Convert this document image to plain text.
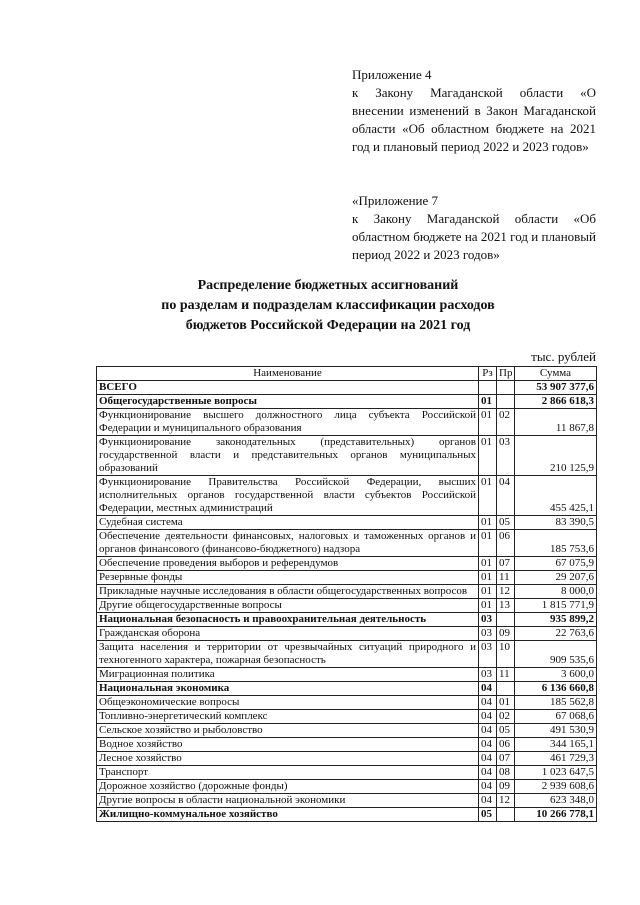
Приложение 4

к Закону Магаданской области «О внесении изменений в Закон Магаданской области «Об областном бюджете на 2021 год и плановый период 2022 и 2023 годов»

«Приложение 7

к Закону Магаданской области «Об областном бюджете на 2021 год и плановый период 2022 и 2023 годов»

Распределение бюджетных ассигнований

по разделам и подразделам классификации расходов

бюджетов Российской Федерации на 2021 год

тыс. рублей
Наименование	Рз	Пр	Сумма
ВСЕГО			53 907 377,6
Общегосударственные вопросы	01		2 866 618,3
Функционирование высшего должностного лица субъекта Российской Федерации и муниципального образования	01	02	11 867,8
Функционирование законодательных (представительных) органов государственной власти и представительных органов муниципальных образований	01	03	210 125,9
Функционирование Правительства Российской Федерации, высших исполнительных органов государственной власти субъектов Российской Федерации, местных администраций	01	04	455 425,1
Судебная система	01	05	83 390,5
Обеспечение деятельности финансовых, налоговых и таможенных органов и органов финансового (финансово-бюджетного) надзора	01	06	185 753,6
Обеспечение проведения выборов и референдумов	01	07	67 075,9
Резервные фонды	01	11	29 207,6
Прикладные научные исследования в области общегосударственных вопросов	01	12	8 000,0
Другие общегосударственные вопросы	01	13	1 815 771,9
Национальная безопасность и правоохранительная деятельность	03		935 899,2
Гражданская оборона	03	09	22 763,6
Защита населения и территории от чрезвычайных ситуаций природного и техногенного характера, пожарная безопасность	03	10	909 535,6
Миграционная политика	03	11	3 600,0
Национальная экономика	04		6 136 660,8
Общеэкономические вопросы	04	01	185 562,8
Топливно-энергетический комплекс	04	02	67 068,6
Сельское хозяйство и рыболовство	04	05	491 530,9
Водное хозяйство	04	06	344 165,1
Лесное хозяйство	04	07	461 729,3
Транспорт	04	08	1 023 647,5
Дорожное хозяйство (дорожные фонды)	04	09	2 939 608,6
Другие вопросы в области национальной экономики	04	12	623 348,0
Жилищно-коммунальное хозяйство	05		10 266 778,1
